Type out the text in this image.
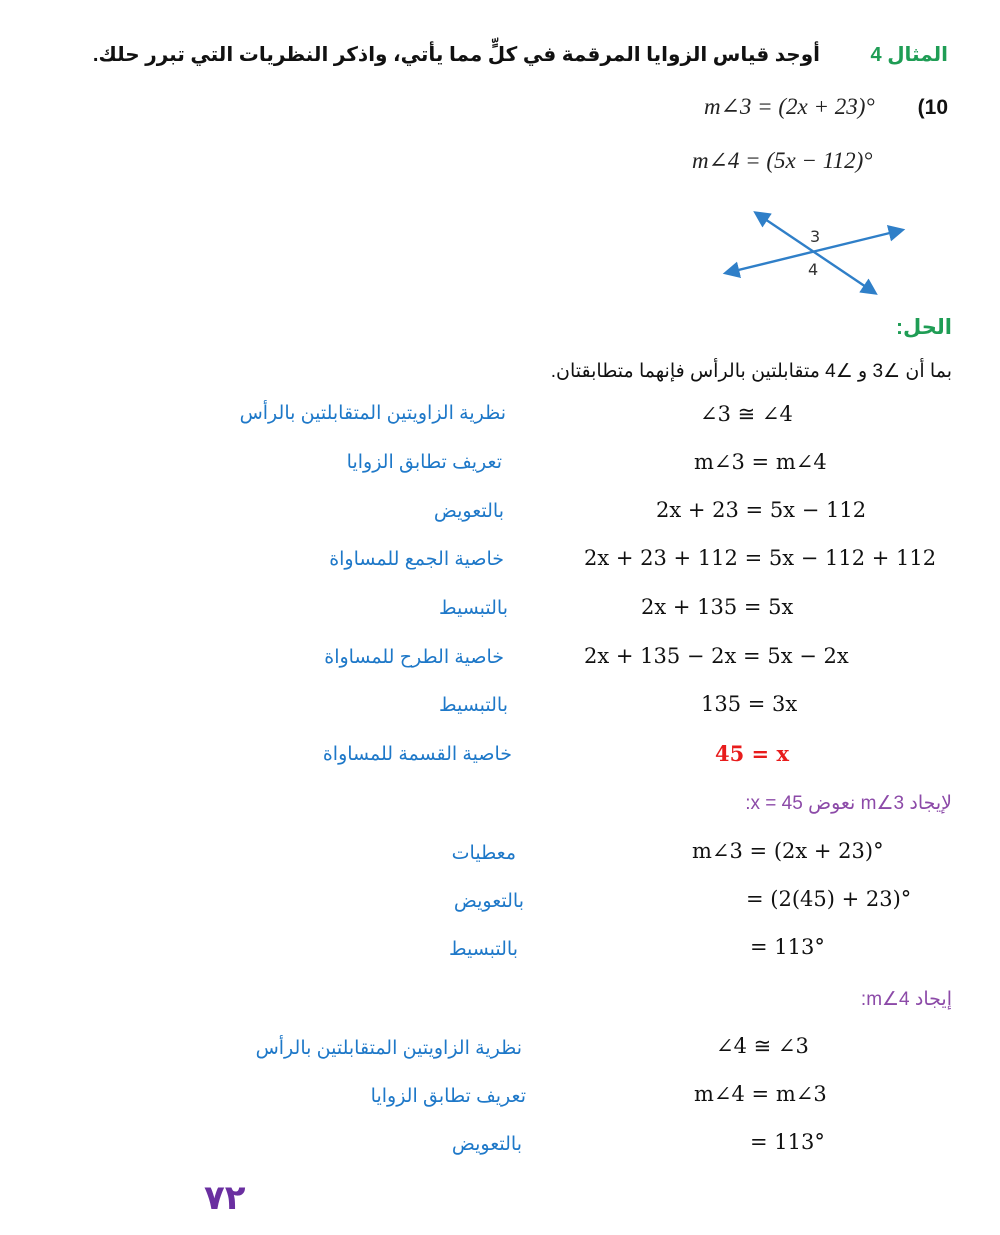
المثال 4
أوجد قياس الزوايا المرقمة في كلٍّ مما يأتي، واذكر النظريات التي تبرر حلك.
(10
m∠3 = (2x + 23)°
m∠4 = (5x − 112)°
3
4
الحل:
بما أن ∠3 و ∠4 متقابلتين بالرأس فإنهما متطابقتان.
نظرية الزاويتين المتقابلتين بالرأس	∠3 ≅ ∠4
تعريف تطابق الزوايا	m∠3 = m∠4
بالتعويض	2x + 23 = 5x − 112
خاصية الجمع للمساواة	2x + 23 + 112 = 5x − 112 + 112
بالتبسيط	2x + 135 = 5x
خاصية الطرح للمساواة	2x + 135 − 2x = 5x − 2x
بالتبسيط	135 = 3x
خاصية القسمة للمساواة	45 = x
لإيجاد m∠3 نعوض x = 45:
معطيات	m∠3 = (2x + 23)°
بالتعويض	= (2(45) + 23)°
بالتبسيط	= 113°
إيجاد m∠4:
نظرية الزاويتين المتقابلتين بالرأس	∠4 ≅ ∠3
تعريف تطابق الزوايا	m∠4 = m∠3
بالتعويض	= 113°
٧٢
